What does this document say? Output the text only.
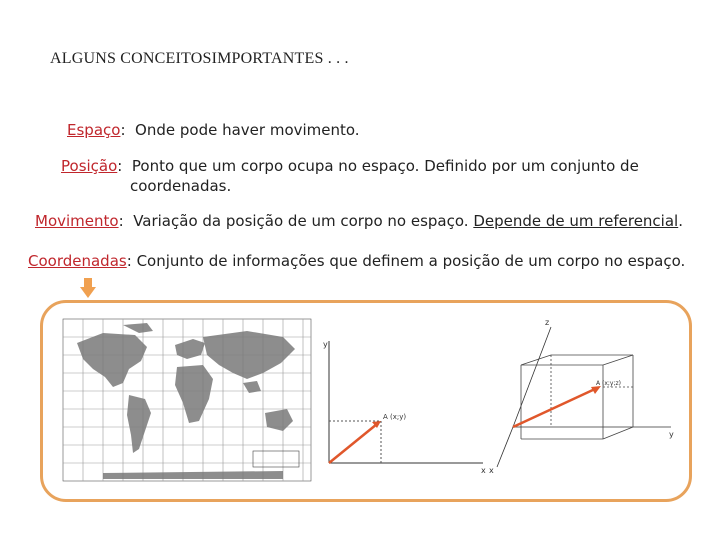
ALGUNS CONCEITOSIMPORTANTES . . .
Espaço: Onde pode haver movimento.
Posição: Ponto que um corpo ocupa no espaço. Definido por um conjunto de
coordenadas.
Movimento: Variação da posição de um corpo no espaço. Depende de um referencial.
Coordenadas: Conjunto de informações que definem a posição de um corpo no espaço.
y
x
A (x;y)
z
y
x
A (x;y;z)
